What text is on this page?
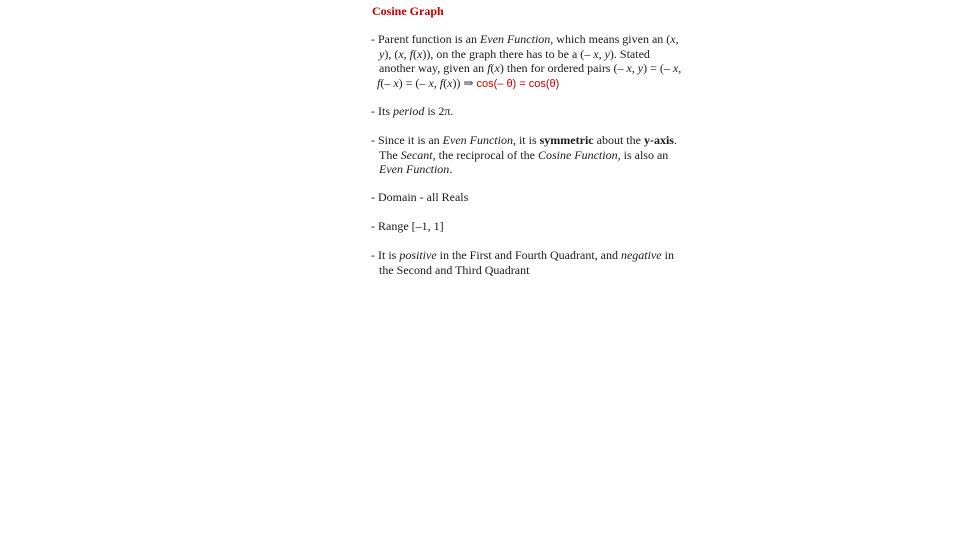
Cosine Graph
- Parent function is an Even Function, which means given an (x,
y), (x, f(x)), on the graph there has to be a (– x, y). Stated
another way, given an f(x) then for ordered pairs (– x, y) = (– x,
f(– x) = (– x, f(x)) ⇒ cos(– θ) = cos(θ)
- Its period is 2π.
- Since it is an Even Function, it is symmetric about the y-axis.
The Secant, the reciprocal of the Cosine Function, is also an
Even Function.
- Domain - all Reals
- Range [–1, 1]
- It is positive in the First and Fourth Quadrant, and negative in
the Second and Third Quadrant
